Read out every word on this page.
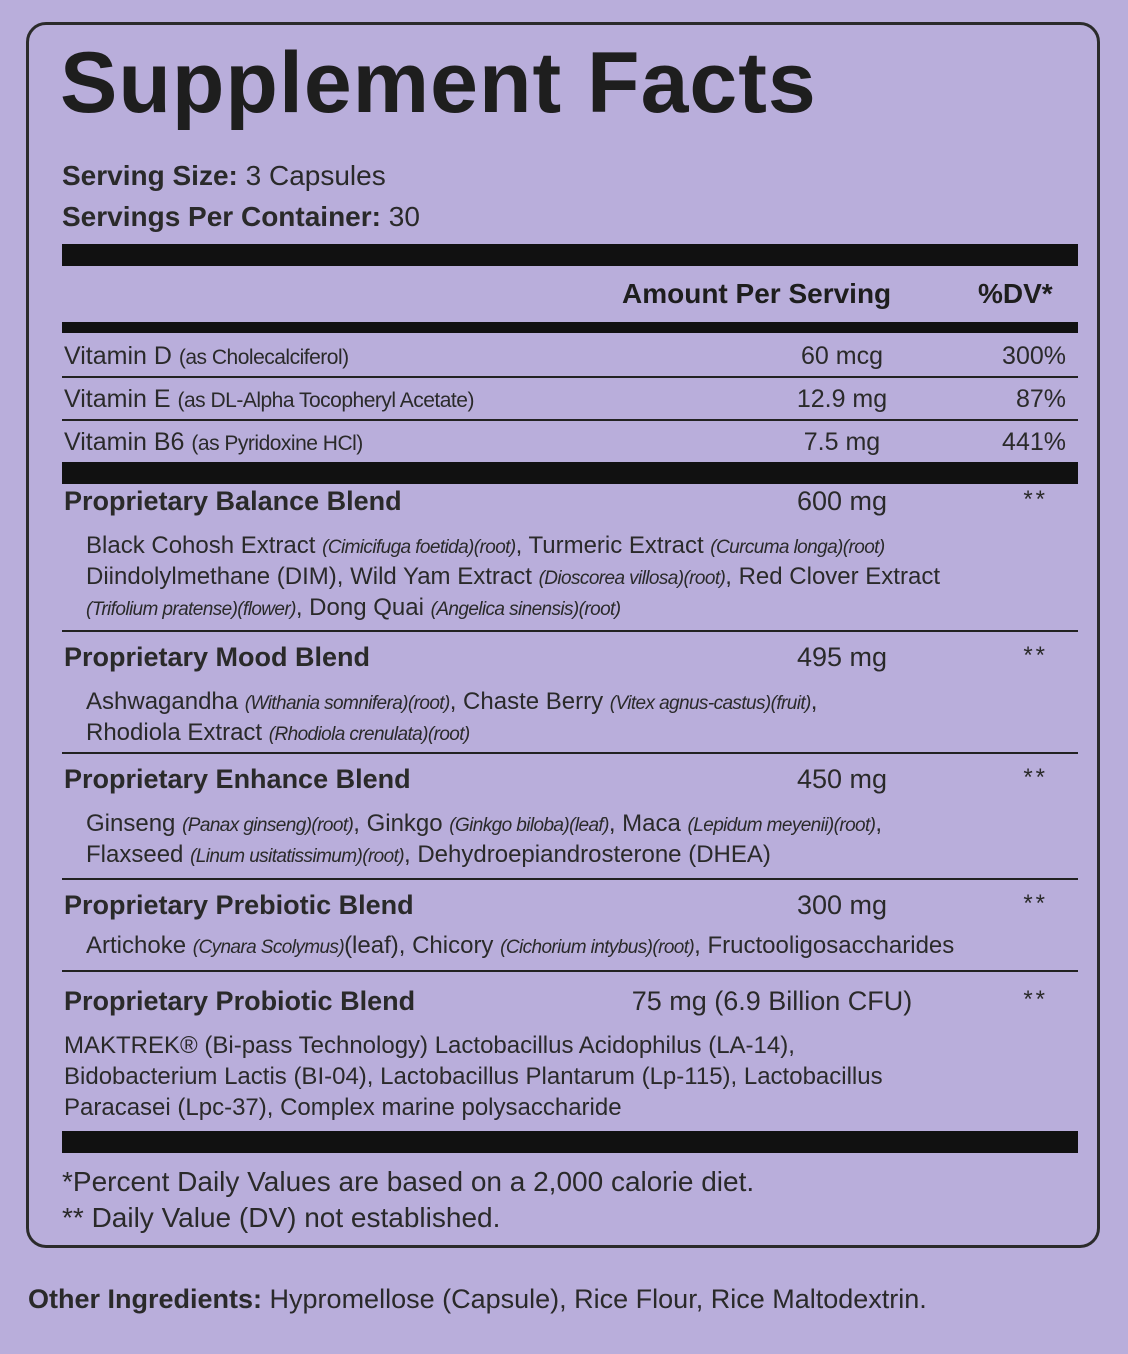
Supplement Facts
Serving Size: 3 Capsules
Servings Per Container: 30
Amount Per Serving	%DV*
Vitamin D (as Cholecalciferol)	60 mcg	300%
Vitamin E (as DL-Alpha Tocopheryl Acetate)	12.9 mg	87%
Vitamin B6 (as Pyridoxine HCl)	7.5 mg	441%
Proprietary Balance Blend	600 mg	**
Black Cohosh Extract (Cimicifuga foetida)(root), Turmeric Extract (Curcuma longa)(root)
Diindolylmethane (DIM), Wild Yam Extract (Dioscorea villosa)(root), Red Clover Extract
(Trifolium pratense)(flower), Dong Quai (Angelica sinensis)(root)
Proprietary Mood Blend	495 mg	**
Ashwagandha (Withania somnifera)(root), Chaste Berry (Vitex agnus-castus)(fruit),
Rhodiola Extract (Rhodiola crenulata)(root)
Proprietary Enhance Blend	450 mg	**
Ginseng (Panax ginseng)(root), Ginkgo (Ginkgo biloba)(leaf), Maca (Lepidum meyenii)(root),
Flaxseed (Linum usitatissimum)(root), Dehydroepiandrosterone (DHEA)
Proprietary Prebiotic Blend	300 mg	**
Artichoke (Cynara Scolymus)(leaf), Chicory (Cichorium intybus)(root), Fructooligosaccharides
Proprietary Probiotic Blend	75 mg (6.9 Billion CFU)	**
MAKTREK® (Bi-pass Technology) Lactobacillus Acidophilus (LA-14),
Bidobacterium Lactis (BI-04), Lactobacillus Plantarum (Lp-115), Lactobacillus
Paracasei (Lpc-37), Complex marine polysaccharide
*Percent Daily Values are based on a 2,000 calorie diet.
** Daily Value (DV) not established.
Other Ingredients: Hypromellose (Capsule), Rice Flour, Rice Maltodextrin.
